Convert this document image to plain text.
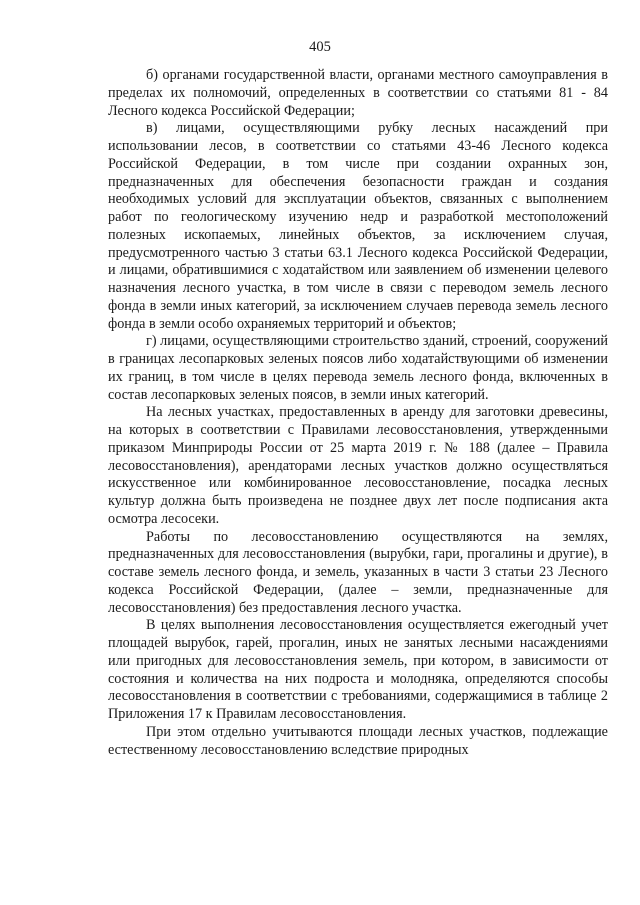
405

б) органами государственной власти, органами местного самоуправления в пределах их полномочий, определенных в соответствии со статьями 81 - 84 Лесного кодекса Российской Федерации;

в) лицами, осуществляющими рубку лесных насаждений при использовании лесов, в соответствии со статьями 43-46 Лесного кодекса Российской Федерации, в том числе при создании охранных зон, предназначенных для обеспечения безопасности граждан и создания необходимых условий для эксплуатации объектов, связанных с выполнением работ по геологическому изучению недр и разработкой местоположений полезных ископаемых, линейных объектов, за исключением случая, предусмотренного частью 3 статьи 63.1 Лесного кодекса Российской Федерации, и лицами, обратившимися с ходатайством или заявлением об изменении целевого назначения лесного участка, в том числе в связи с переводом земель лесного фонда в земли иных категорий, за исключением случаев перевода земель лесного фонда в земли особо охраняемых территорий и объектов;

г) лицами, осуществляющими строительство зданий, строений, сооружений в границах лесопарковых зеленых поясов либо ходатайствующими об изменении их границ, в том числе в целях перевода земель лесного фонда, включенных в состав лесопарковых зеленых поясов, в земли иных категорий.

На лесных участках, предоставленных в аренду для заготовки древесины, на которых в соответствии с Правилами лесовосстановления, утвержденными приказом Минприроды России от 25 марта 2019 г. № 188 (далее – Правила лесовосстановления), арендаторами лесных участков должно осуществляться искусственное или комбинированное лесовосстановление, посадка лесных культур должна быть произведена не позднее двух лет после подписания акта осмотра лесосеки.

Работы по лесовосстановлению осуществляются на землях, предназначенных для лесовосстановления (вырубки, гари, прогалины и другие), в составе земель лесного фонда, и земель, указанных в части 3 статьи 23 Лесного кодекса Российской Федерации, (далее – земли, предназначенные для лесовосстановления) без предоставления лесного участка.

В целях выполнения лесовосстановления осуществляется ежегодный учет площадей вырубок, гарей, прогалин, иных не занятых лесными насаждениями или пригодных для лесовосстановления земель, при котором, в зависимости от состояния и количества на них подроста и молодняка, определяются способы лесовосстановления в соответствии с требованиями, содержащимися в таблице 2 Приложения 17 к Правилам лесовосстановления.

При этом отдельно учитываются площади лесных участков, подлежащие естественному лесовосстановлению вследствие природных
